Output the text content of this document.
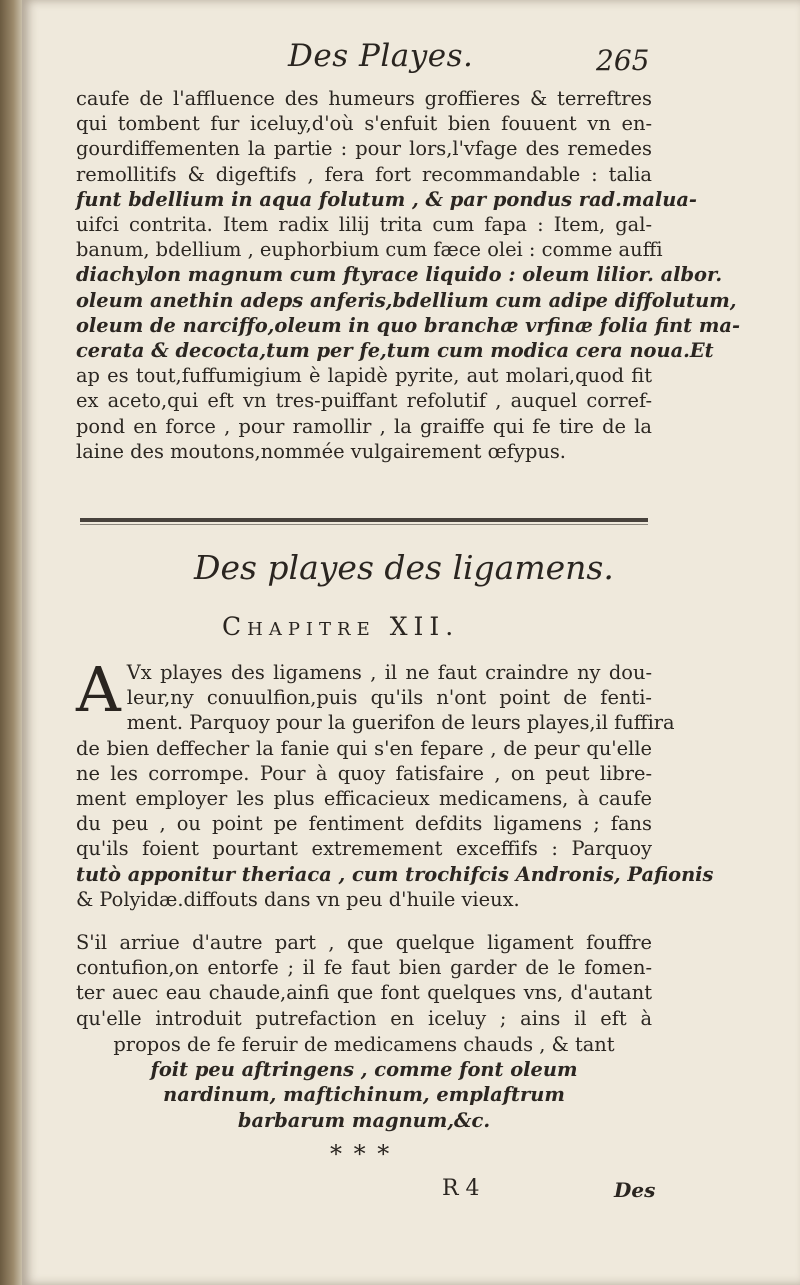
Des Playes.	265
caufe de l'affluence des humeurs groffieres & terreftres
qui tombent fur iceluy,d'où s'enfuit bien fouuent vn en-
gourdiffementen la partie : pour lors,l'vfage des remedes
remollitifs & digeftifs , fera fort recommandable : talia
funt bdellium in aqua folutum , & par pondus rad.malua-
uifci contrita. Item radix lilij trita cum fapa : Item, gal-
banum, bdellium , euphorbium cum fæce olei : comme auffi
diachylon magnum cum ftyrace liquido : oleum lilior. albor.
oleum anethin adeps anferis,bdellium cum adipe diffolutum,
oleum de narciffo,oleum in quo branchæ vrfinæ folia fint ma-
cerata & decocta,tum per fe,tum cum modica cera noua.Et
ap es tout,fuffumigium è lapidè pyrite, aut molari,quod fit
ex aceto,qui eft vn tres-puiffant refolutif , auquel corref-
pond en force , pour ramollir , la graiffe qui fe tire de la
laine des moutons,nommée vulgairement œfypus.
Des playes des ligamens.
Chapitre XII.
A Vx playes des ligamens , il ne faut craindre ny dou-
leur,ny conuulfion,puis qu'ils n'ont point de fenti-
ment. Parquoy pour la guerifon de leurs playes,il fuffira
de bien deffecher la fanie qui s'en fepare , de peur qu'elle
ne les corrompe. Pour à quoy fatisfaire , on peut libre-
ment employer les plus efficacieux medicamens, à caufe
du peu , ou point pe fentiment defdits ligamens ; fans
qu'ils foient pourtant extremement exceffifs : Parquoy
tutò apponitur theriaca , cum trochifcis Andronis, Pafionis
& Polyidæ.diffouts dans vn peu d'huile vieux.
S'il arriue d'autre part , que quelque ligament fouffre
contufion,on entorfe ; il fe faut bien garder de le fomen-
ter auec eau chaude,ainfi que font quelques vns, d'autant
qu'elle introduit putrefaction en iceluy ; ains il eft à
propos de fe feruir de medicamens chauds , & tant
foit peu aftringens , comme font oleum
nardinum, maftichinum, emplaftrum
barbarum magnum,&c.
* * *
R 4	Des
